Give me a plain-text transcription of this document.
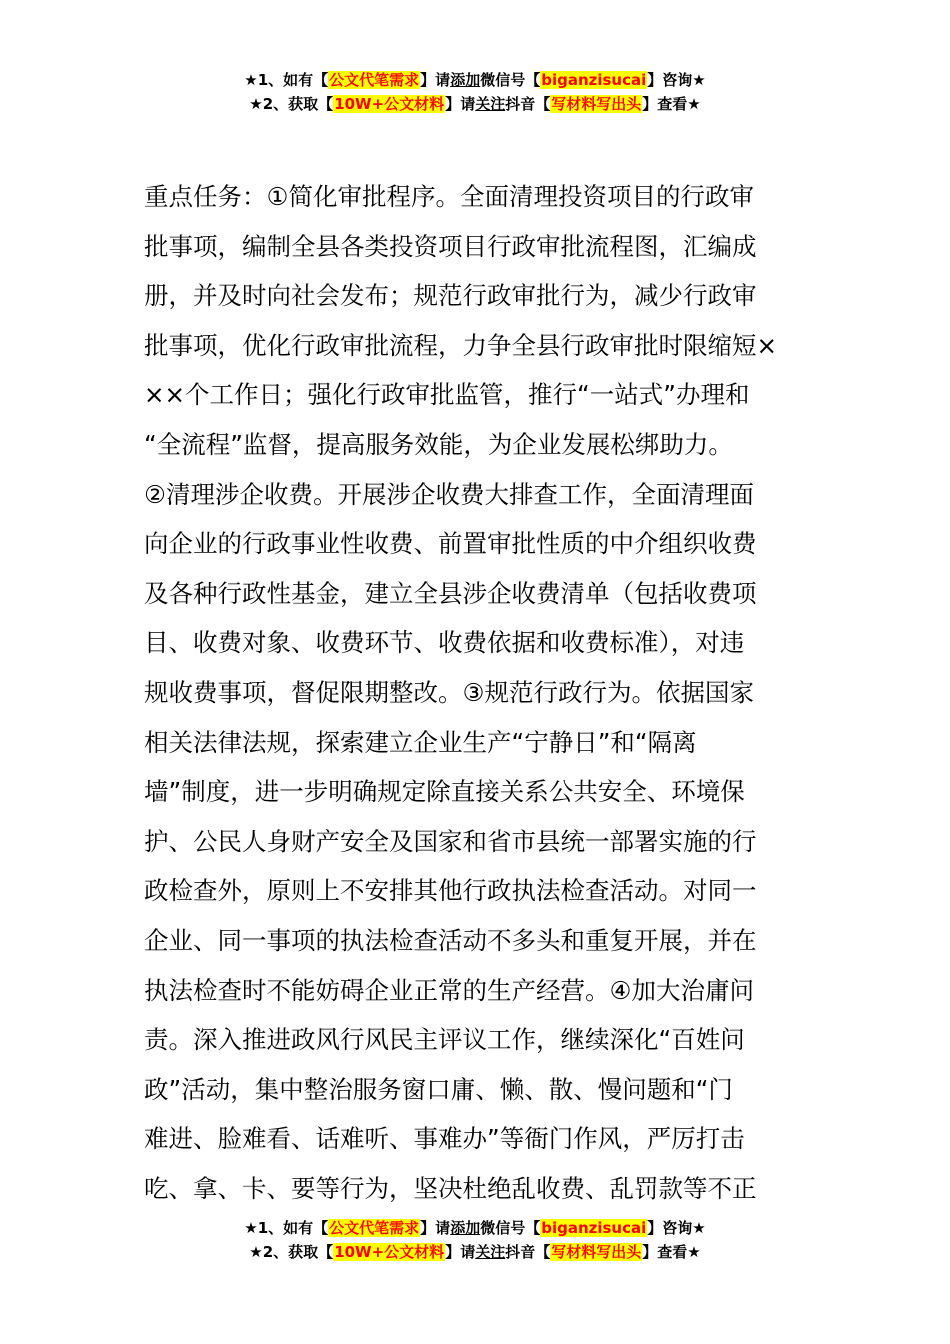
★1、如有【公文代笔需求】请添加微信号【biganzisucai】咨询★
★2、获取【10W+公文材料】请关注抖音【写材料写出头】查看★
重点任务：①简化审批程序。全面清理投资项目的行政审
批事项，编制全县各类投资项目行政审批流程图，汇编成
册，并及时向社会发布；规范行政审批行为，减少行政审
批事项，优化行政审批流程，力争全县行政审批时限缩短×
××个工作日；强化行政审批监管，推行“一站式”办理和
“全流程”监督，提高服务效能，为企业发展松绑助力。
②清理涉企收费。开展涉企收费大排查工作，全面清理面
向企业的行政事业性收费、前置审批性质的中介组织收费
及各种行政性基金，建立全县涉企收费清单（包括收费项
目、收费对象、收费环节、收费依据和收费标准），对违
规收费事项，督促限期整改。③规范行政行为。依据国家
相关法律法规，探索建立企业生产“宁静日”和“隔离
墙”制度，进一步明确规定除直接关系公共安全、环境保
护、公民人身财产安全及国家和省市县统一部署实施的行
政检查外，原则上不安排其他行政执法检查活动。对同一
企业、同一事项的执法检查活动不多头和重复开展，并在
执法检查时不能妨碍企业正常的生产经营。④加大治庸问
责。深入推进政风行风民主评议工作，继续深化“百姓问
政”活动，集中整治服务窗口庸、懒、散、慢问题和“门
难进、脸难看、话难听、事难办”等衙门作风，严厉打击
吃、拿、卡、要等行为，坚决杜绝乱收费、乱罚款等不正
★1、如有【公文代笔需求】请添加微信号【biganzisucai】咨询★
★2、获取【10W+公文材料】请关注抖音【写材料写出头】查看★
